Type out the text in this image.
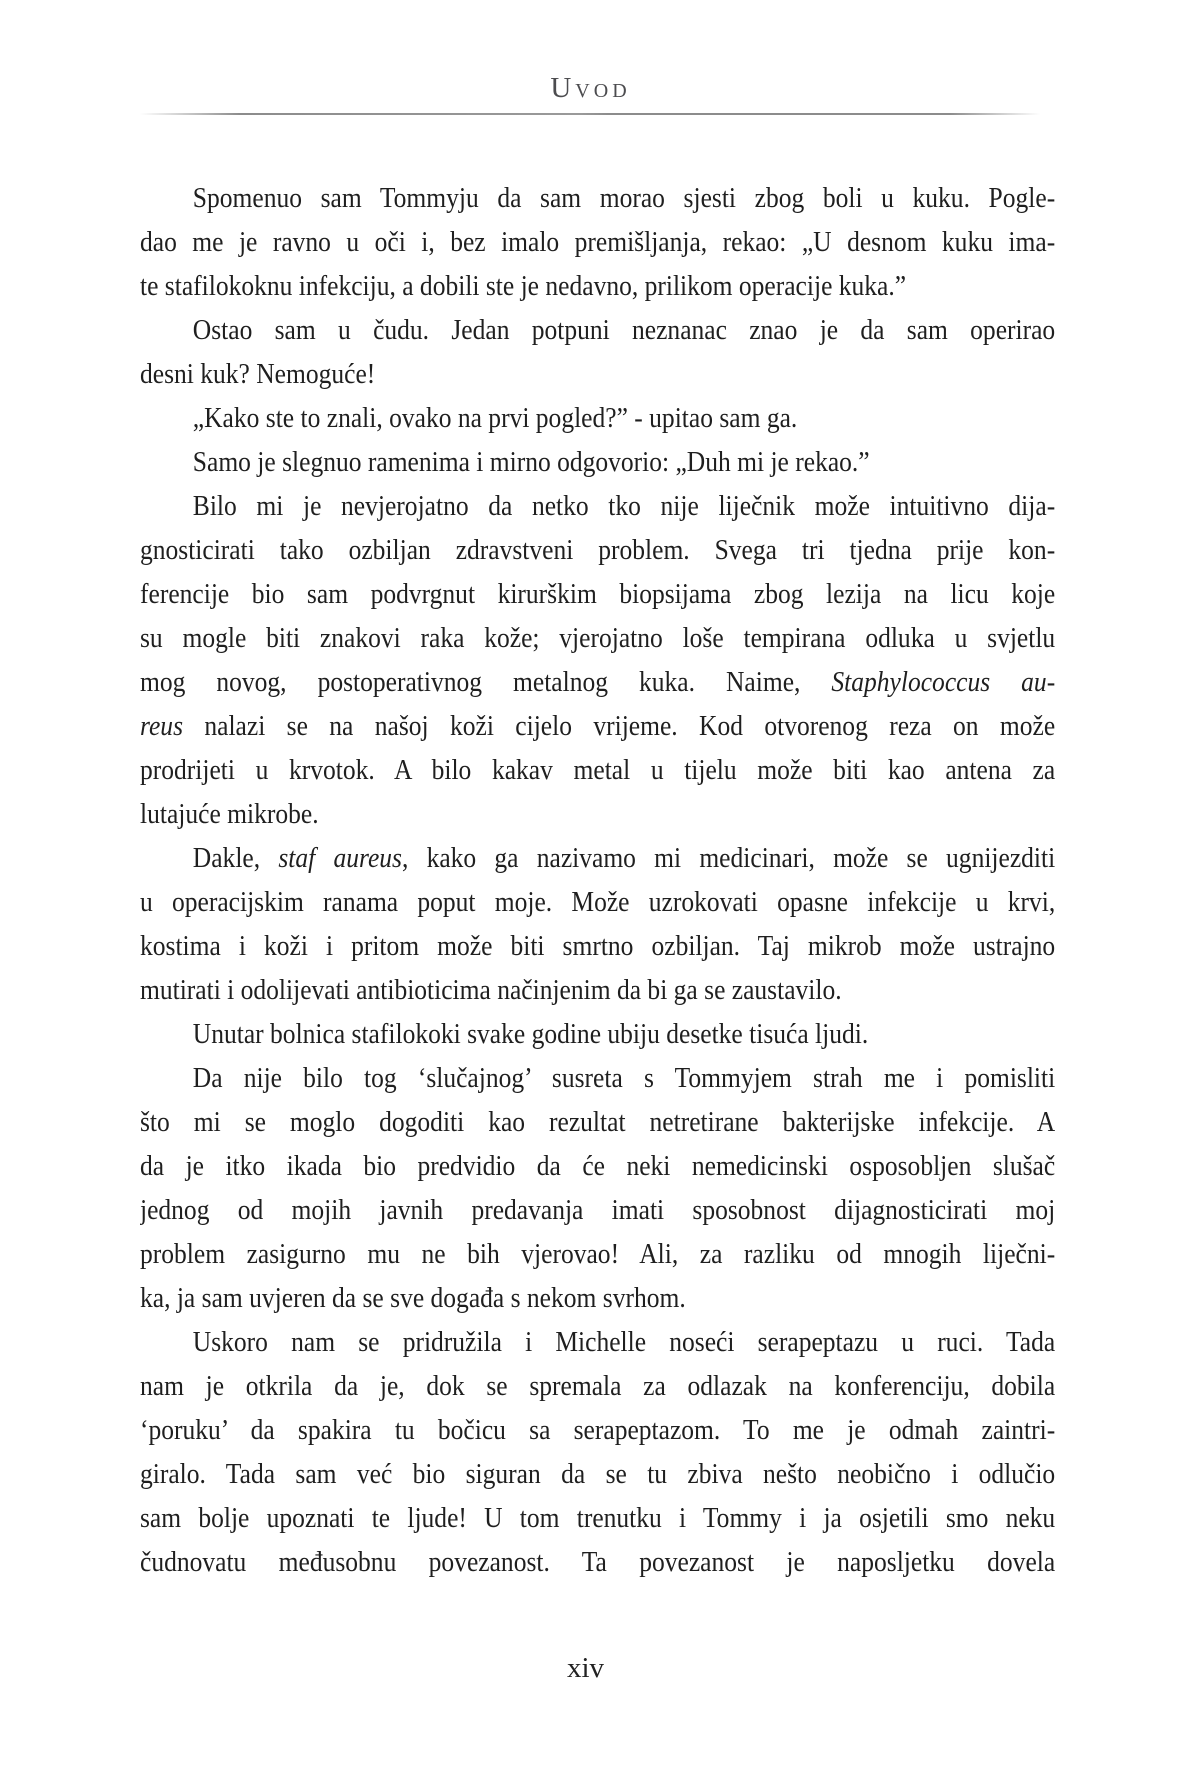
Uvod
Spomenuo sam Tommyju da sam morao sjesti zbog boli u kuku. Pogle-
dao me je ravno u oči i, bez imalo premišljanja, rekao: „U desnom kuku ima-
te stafilokoknu infekciju, a dobili ste je nedavno, prilikom operacije kuka.”
Ostao sam u čudu. Jedan potpuni neznanac znao je da sam operirao
desni kuk? Nemoguće!
„Kako ste to znali, ovako na prvi pogled?” - upitao sam ga.
Samo je slegnuo ramenima i mirno odgovorio: „Duh mi je rekao.”
Bilo mi je nevjerojatno da netko tko nije liječnik može intuitivno dija-
gnosticirati tako ozbiljan zdravstveni problem. Svega tri tjedna prije kon-
ferencije bio sam podvrgnut kirurškim biopsijama zbog lezija na licu koje
su mogle biti znakovi raka kože; vjerojatno loše tempirana odluka u svjetlu
mog novog, postoperativnog metalnog kuka. Naime, Staphylococcus au-
reus nalazi se na našoj koži cijelo vrijeme. Kod otvorenog reza on može
prodrijeti u krvotok. A bilo kakav metal u tijelu može biti kao antena za
lutajuće mikrobe.
Dakle, staf aureus, kako ga nazivamo mi medicinari, može se ugnijezditi
u operacijskim ranama poput moje. Može uzrokovati opasne infekcije u krvi,
kostima i koži i pritom može biti smrtno ozbiljan. Taj mikrob može ustrajno
mutirati i odolijevati antibioticima načinjenim da bi ga se zaustavilo.
Unutar bolnica stafilokoki svake godine ubiju desetke tisuća ljudi.
Da nije bilo tog ‘slučajnog’ susreta s Tommyjem strah me i pomisliti
što mi se moglo dogoditi kao rezultat netretirane bakterijske infekcije. A
da je itko ikada bio predvidio da će neki nemedicinski osposobljen slušač
jednog od mojih javnih predavanja imati sposobnost dijagnosticirati moj
problem zasigurno mu ne bih vjerovao! Ali, za razliku od mnogih liječni-
ka, ja sam uvjeren da se sve događa s nekom svrhom.
Uskoro nam se pridružila i Michelle noseći serapeptazu u ruci. Tada
nam je otkrila da je, dok se spremala za odlazak na konferenciju, dobila
‘poruku’ da spakira tu bočicu sa serapeptazom. To me je odmah zaintri-
giralo. Tada sam već bio siguran da se tu zbiva nešto neobično i odlučio
sam bolje upoznati te ljude! U tom trenutku i Tommy i ja osjetili smo neku
čudnovatu međusobnu povezanost. Ta povezanost je naposljetku dovela
xiv
